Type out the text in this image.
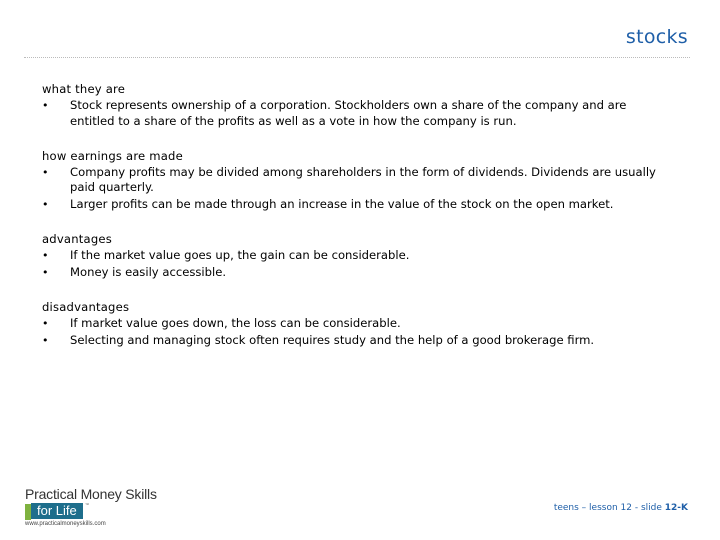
stocks
what they are
•	Stock represents ownership of a corporation. Stockholders own a share of the company and are entitled to a share of the profits as well as a vote in how the company is run.
how earnings are made
•	Company profits may be divided among shareholders in the form of dividends. Dividends are usually paid quarterly.
•	Larger profits can be made through an increase in the value of the stock on the open market.
advantages
•	If the market value goes up, the gain can be considerable.
•	Money is easily accessible.
disadvantages
•	If market value goes down, the loss can be considerable.
•	Selecting and managing stock often requires study and the help of a good brokerage firm.
Practical Money Skills
for Life	™
www.practicalmoneyskills.com
teens – lesson 12 - slide 12-K
